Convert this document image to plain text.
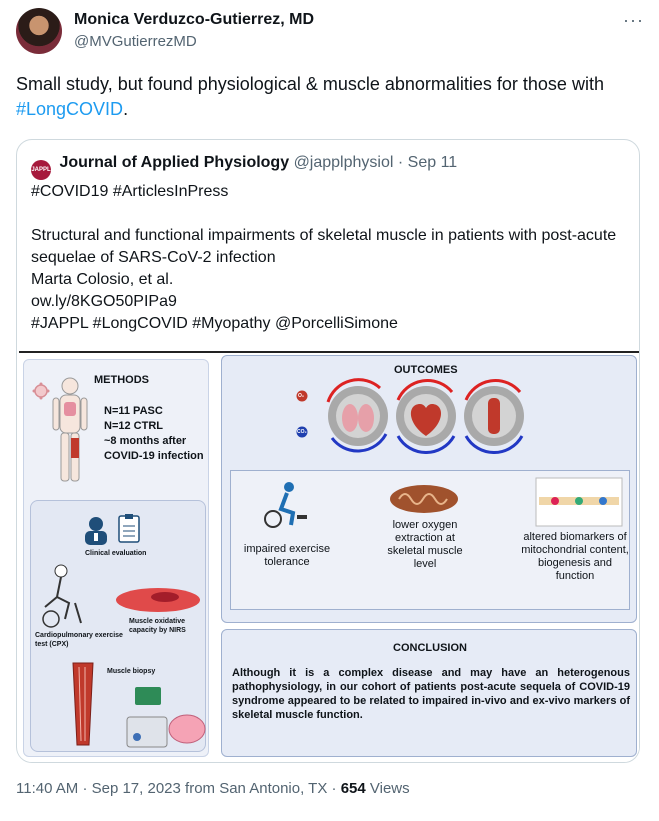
Monica Verduzco-Gutierrez, MD
@MVGutierrezMD
···
Small study, but found physiological & muscle abnormalities for those with #LongCOVID.
JAPPL Journal of Applied Physiology @japplphysiol · Sep 11
#COVID19 #ArticlesInPress
Structural and functional impairments of skeletal muscle in patients with post-acute sequelae of SARS-CoV-2 infection
Marta Colosio, et al.
ow.ly/8KGO50PIPa9
#JAPPL #LongCOVID #Myopathy @PorcelliSimone
METHODS
N=11 PASC
N=12 CTRL
~8 months after
COVID-19 infection
Clinical evaluation
Muscle oxidative capacity by NIRS
Cardiopulmonary exercise test (CPX)
Muscle biopsy
OUTCOMES
O₂
CO₂
impaired exercise tolerance
lower oxygen extraction at skeletal muscle level
altered biomarkers of mitochondrial content, biogenesis and function
CONCLUSION
Although it is a complex disease and may have an heterogenous pathophysiology, in our cohort of patients post-acute sequela of COVID-19 syndrome appeared to be related to impaired in-vivo and ex-vivo markers of skeletal muscle function.
11:40 AM · Sep 17, 2023 from San Antonio, TX · 654 Views
